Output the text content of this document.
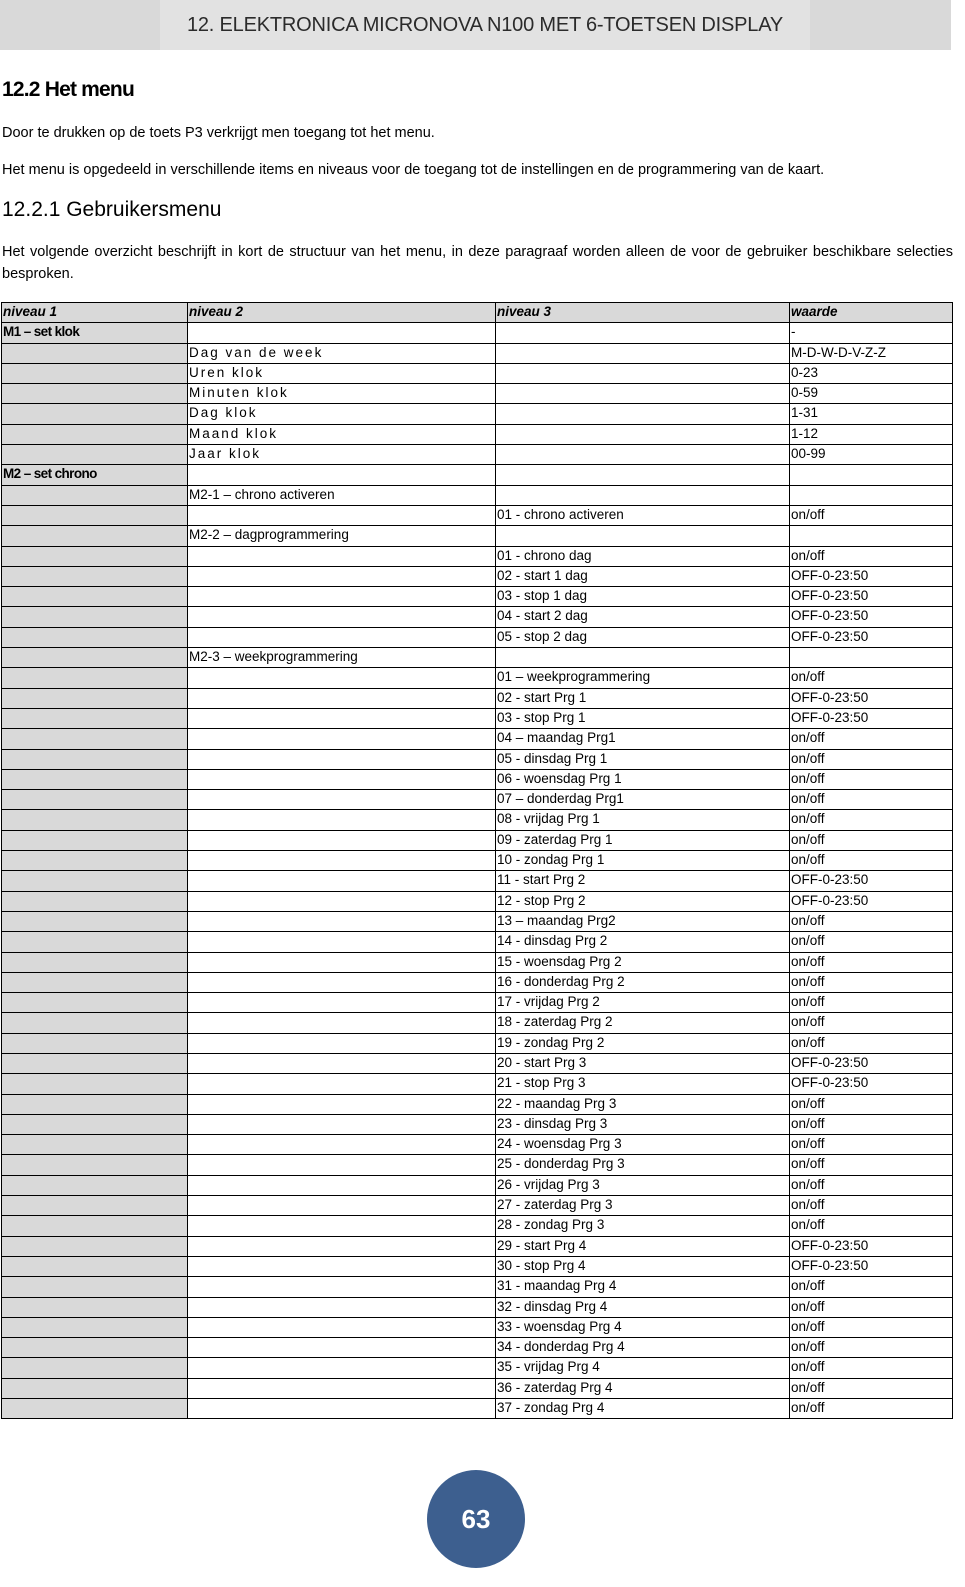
12. ELEKTRONICA MICRONOVA N100 MET 6-TOETSEN DISPLAY
12.2 Het menu
Door te drukken op de toets P3 verkrijgt men toegang tot het menu.
Het menu is opgedeeld in verschillende items en niveaus voor de toegang tot de instellingen en de programmering van de kaart.
12.2.1 Gebruikersmenu
Het volgende overzicht beschrijft in kort de structuur van het menu, in deze paragraaf worden alleen de voor de gebruiker beschikbare selecties besproken.
niveau 1	niveau 2	niveau 3	waarde
M1 – set klok			-
	Dag van de week		M-D-W-D-V-Z-Z
	Uren klok		0-23
	Minuten klok		0-59
	Dag klok		1-31
	Maand klok		1-12
	Jaar klok		00-99
M2 – set chrono			
	M2-1 – chrono activeren		
		01 - chrono activeren	on/off
	M2-2 – dagprogrammering		
		01 - chrono dag	on/off
		02 - start 1 dag	OFF-0-23:50
		03 - stop 1 dag	OFF-0-23:50
		04 - start 2 dag	OFF-0-23:50
		05 - stop 2 dag	OFF-0-23:50
	M2-3 – weekprogrammering		
		01 – weekprogrammering	on/off
		02 - start Prg 1	OFF-0-23:50
		03 - stop Prg 1	OFF-0-23:50
		04 – maandag Prg1	on/off
		05 - dinsdag Prg 1	on/off
		06 - woensdag Prg 1	on/off
		07 – donderdag Prg1	on/off
		08 - vrijdag Prg 1	on/off
		09 - zaterdag Prg 1	on/off
		10 - zondag Prg 1	on/off
		11 - start Prg 2	OFF-0-23:50
		12 - stop Prg 2	OFF-0-23:50
		13 – maandag Prg2	on/off
		14 - dinsdag Prg 2	on/off
		15 - woensdag Prg 2	on/off
		16 - donderdag Prg 2	on/off
		17 - vrijdag Prg 2	on/off
		18 - zaterdag Prg 2	on/off
		19 - zondag Prg 2	on/off
		20 - start Prg 3	OFF-0-23:50
		21 - stop Prg 3	OFF-0-23:50
		22 - maandag Prg 3	on/off
		23 - dinsdag Prg 3	on/off
		24 - woensdag Prg 3	on/off
		25 - donderdag Prg 3	on/off
		26 - vrijdag Prg 3	on/off
		27 - zaterdag Prg 3	on/off
		28 - zondag Prg 3	on/off
		29 - start Prg 4	OFF-0-23:50
		30 - stop Prg 4	OFF-0-23:50
		31 - maandag Prg 4	on/off
		32 - dinsdag Prg 4	on/off
		33 - woensdag Prg 4	on/off
		34 - donderdag Prg 4	on/off
		35 - vrijdag Prg 4	on/off
		36 - zaterdag Prg 4	on/off
		37 - zondag Prg 4	on/off
63
